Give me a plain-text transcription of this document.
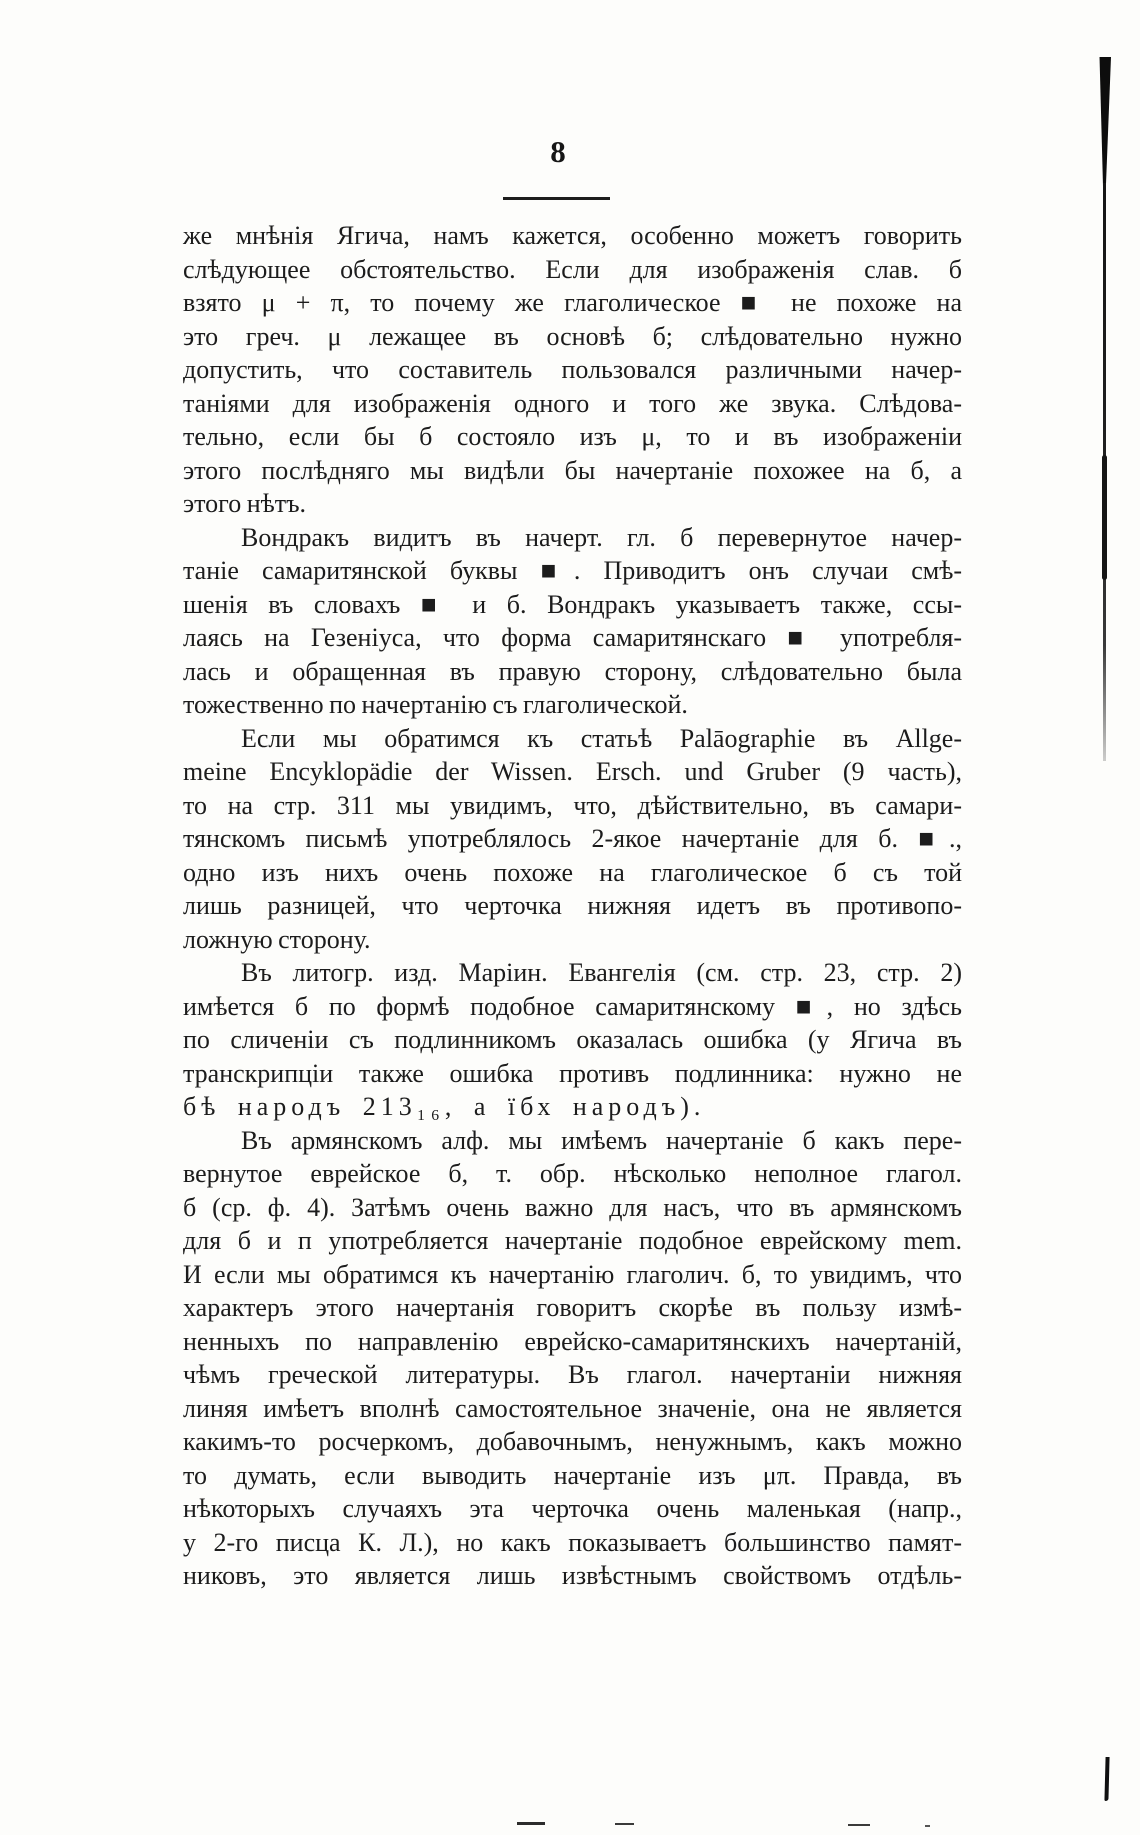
8
же мнѣнія Ягича, намъ кажется, особенно можетъ говорить
слѣдующее обстоятельство. Если для изображенія слав. б
взято μ + π, то почему же глаголическое ■ не похоже на
это греч. μ лежащее въ основѣ б; слѣдовательно нужно
допустить, что составитель пользовался различными начер-
таніями для изображенія одного и того же звука. Слѣдова-
тельно, если бы б состояло изъ μ, то и въ изображеніи
этого послѣдняго мы видѣли бы начертаніе похожее на б, а
этого нѣтъ.
Вондракъ видитъ въ начерт. гл. б перевернутое начер-
таніе самаритянской буквы ■. Приводитъ онъ случаи смѣ-
шенія въ словахъ ■ и б. Вондракъ указываетъ также, ссы-
лаясь на Гезеніуса, что форма самаритянскаго ■ употребля-
лась и обращенная въ правую сторону, слѣдовательно была
тожественно по начертанію съ глаголической.
Если мы обратимся къ статьѣ Palāographie въ Allge-
meine Encyklopädie der Wissen. Ersch. und Gruber (9 часть),
то на стр. 311 мы увидимъ, что, дѣйствительно, въ самари-
тянскомъ письмѣ употреблялось 2-якое начертаніе для б. ■.,
одно изъ нихъ очень похоже на глаголическое б съ той
лишь разницей, что черточка нижняя идетъ въ противопо-
ложную сторону.
Въ литогр. изд. Маріин. Евангелія (см. стр. 23, стр. 2)
имѣется б по формѣ подобное самаритянскому ■, но здѣсь
по сличеніи съ подлинникомъ оказалась ошибка (у Ягича въ
транскрипціи также ошибка противъ подлинника: нужно не
бѣ народъ 213₁₆, а їбх народъ).
Въ армянскомъ алф. мы имѣемъ начертаніе б какъ пере-
вернутое еврейское б, т. обр. нѣсколько неполное глагол.
б (ср. ф. 4). Затѣмъ очень важно для насъ, что въ армянскомъ
для б и п употребляется начертаніе подобное еврейскому mem.
И если мы обратимся къ начертанію глаголич. б, то увидимъ, что
характеръ этого начертанія говоритъ скорѣе въ пользу измѣ-
ненныхъ по направленію еврейско-самаритянскихъ начертаній,
чѣмъ греческой литературы. Въ глагол. начертаніи нижняя
линяя имѣетъ вполнѣ самостоятельное значеніе, она не является
какимъ-то росчеркомъ, добавочнымъ, ненужнымъ, какъ можно
то думать, если выводить начертаніе изъ μπ. Правда, въ
нѣкоторыхъ случаяхъ эта черточка очень маленькая (напр.,
у 2-го писца К. Л.), но какъ показываетъ большинство памят-
никовъ, это является лишь извѣстнымъ свойствомъ отдѣль-
